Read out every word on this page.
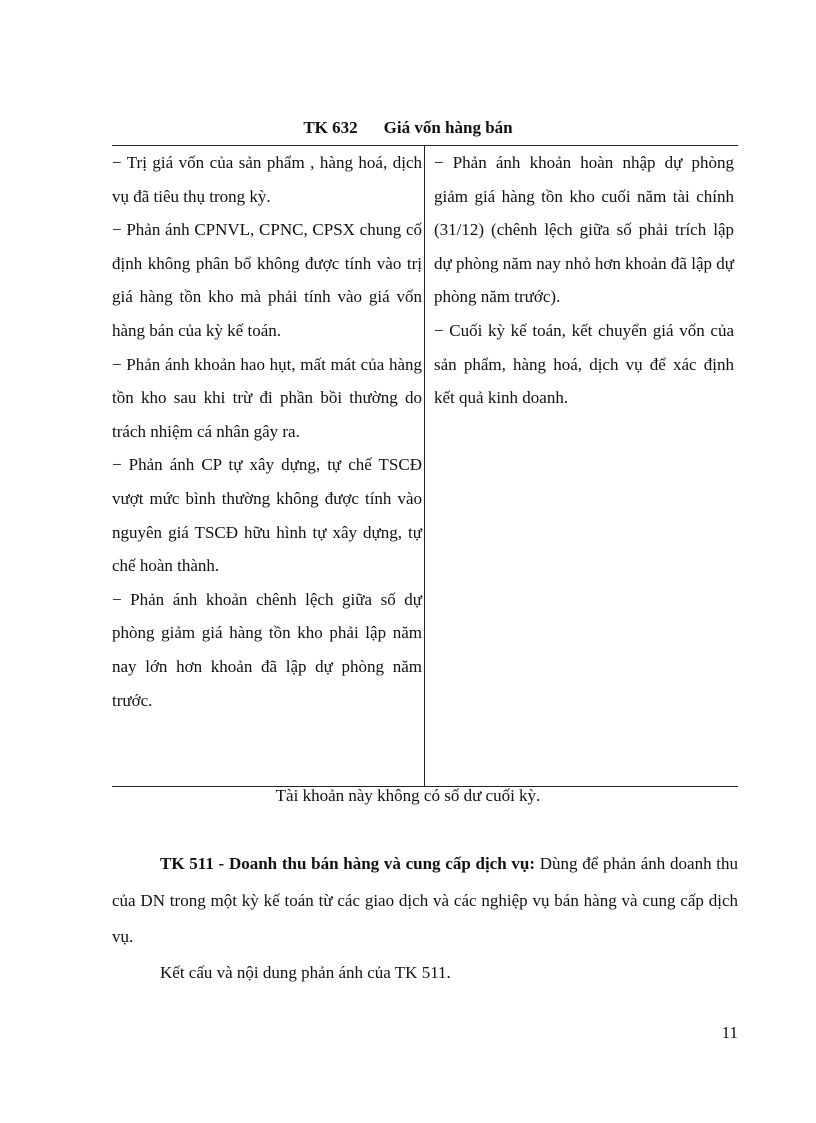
TK 632 Giá vốn hàng bán

− Trị giá vốn của sản phẩm , hàng hoá, dịch vụ đã tiêu thụ trong kỳ.

− Phản ánh CPNVL, CPNC, CPSX chung cố định không phân bổ không được tính vào trị giá hàng tồn kho mà phải tính vào giá vốn hàng bán của kỳ kế toán.

− Phản ánh khoản hao hụt, mất mát của hàng tồn kho sau khi trừ đi phần bồi thường do trách nhiệm cá nhân gây ra.

− Phản ánh CP tự xây dựng, tự chế TSCĐ vượt mức bình thường không được tính vào nguyên giá TSCĐ hữu hình tự xây dựng, tự chế hoàn thành.

− Phản ánh khoản chênh lệch giữa số dự phòng giảm giá hàng tồn kho phải lập năm nay lớn hơn khoản đã lập dự phòng năm trước.

− Phản ánh khoản hoàn nhập dự phòng giảm giá hàng tồn kho cuối năm tài chính (31/12) (chênh lệch giữa số phải trích lập dự phòng năm nay nhỏ hơn khoản đã lập dự phòng năm trước).

− Cuối kỳ kế toán, kết chuyển giá vốn của sản phẩm, hàng hoá, dịch vụ để xác định kết quả kinh doanh.

Tài khoản này không có số dư cuối kỳ.
TK 511 - Doanh thu bán hàng và cung cấp dịch vụ: Dùng để phản ánh doanh thu của DN trong một kỳ kế toán từ các giao dịch và các nghiệp vụ bán hàng và cung cấp dịch vụ.
Kết cấu và nội dung phản ánh của TK 511.
11
